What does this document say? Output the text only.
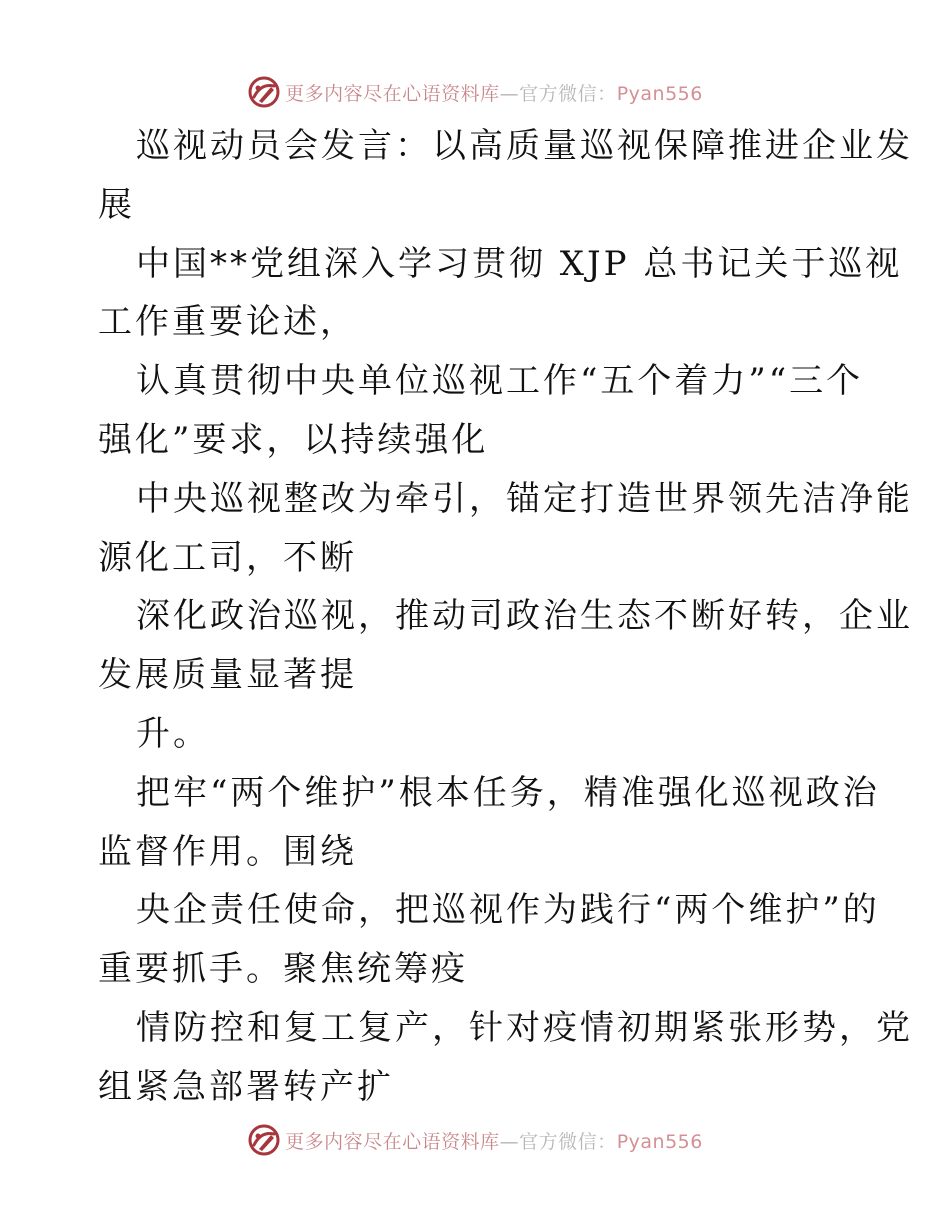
更多内容尽在心语资料库—官方微信：Pyan556
巡视动员会发言：以高质量巡视保障推进企业发
展
中国**党组深入学习贯彻 XJP 总书记关于巡视
工作重要论述，
认真贯彻中央单位巡视工作“五个着力”“三个
强化”要求，以持续强化
中央巡视整改为牵引，锚定打造世界领先洁净能
源化工司，不断
深化政治巡视，推动司政治生态不断好转，企业
发展质量显著提
升。
把牢“两个维护”根本任务，精准强化巡视政治
监督作用。围绕
央企责任使命，把巡视作为践行“两个维护”的
重要抓手。聚焦统筹疫
情防控和复工复产，针对疫情初期紧张形势，党
组紧急部署转产扩
更多内容尽在心语资料库—官方微信：Pyan556
